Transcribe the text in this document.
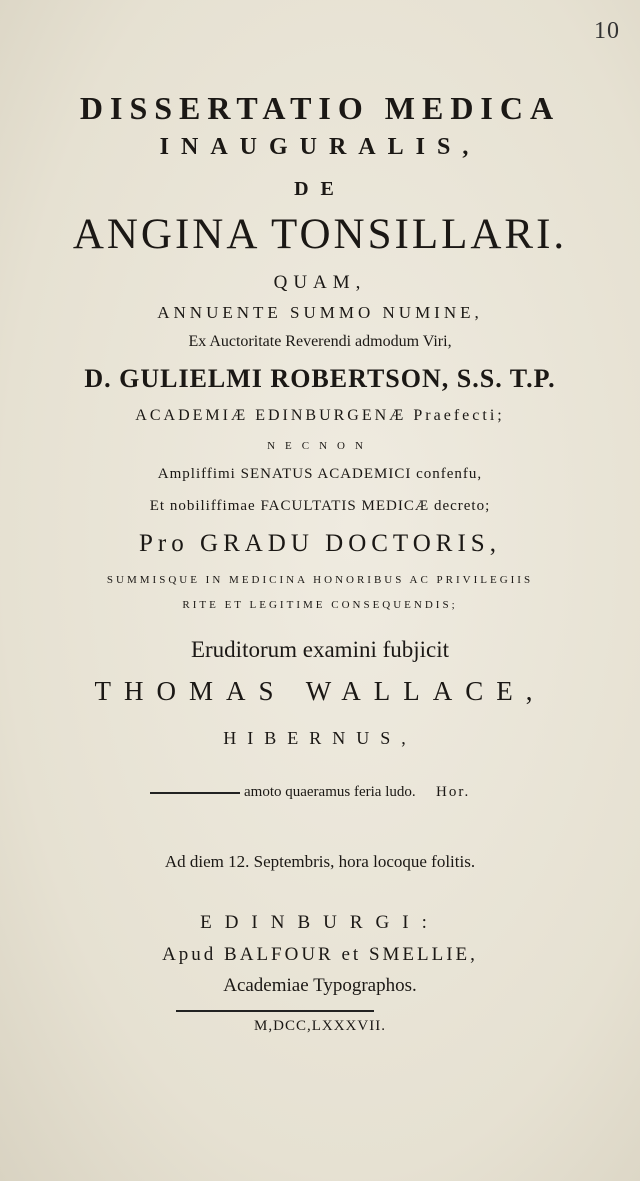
10
DISSERTATIO MEDICA
INAUGURALIS,
DE
ANGINA TONSILLARI.
QUAM,
ANNUENTE SUMMO NUMINE,
Ex Auctoritate Reverendi admodum Viri,
D. GULIELMI ROBERTSON, S.S. T.P.
ACADEMIÆ EDINBURGENÆ Praefecti;
NECNON
Ampliffimi SENATUS ACADEMICI confenfu,
Et nobiliffimae FACULTATIS MEDICÆ decreto;
Pro GRADU DOCTORIS,
SUMMISQUE IN MEDICINA HONORIBUS AC PRIVILEGIIS
RITE ET LEGITIME CONSEQUENDIS;
Eruditorum examini fubjicit
THOMAS WALLACE,
HIBERNUS,
amoto quaeramus feria ludo. Hor.
Ad diem 12. Septembris, hora locoque folitis.
EDINBURGI:
Apud BALFOUR et SMELLIE,
Academiae Typographos.
M,DCC,LXXXVII.
